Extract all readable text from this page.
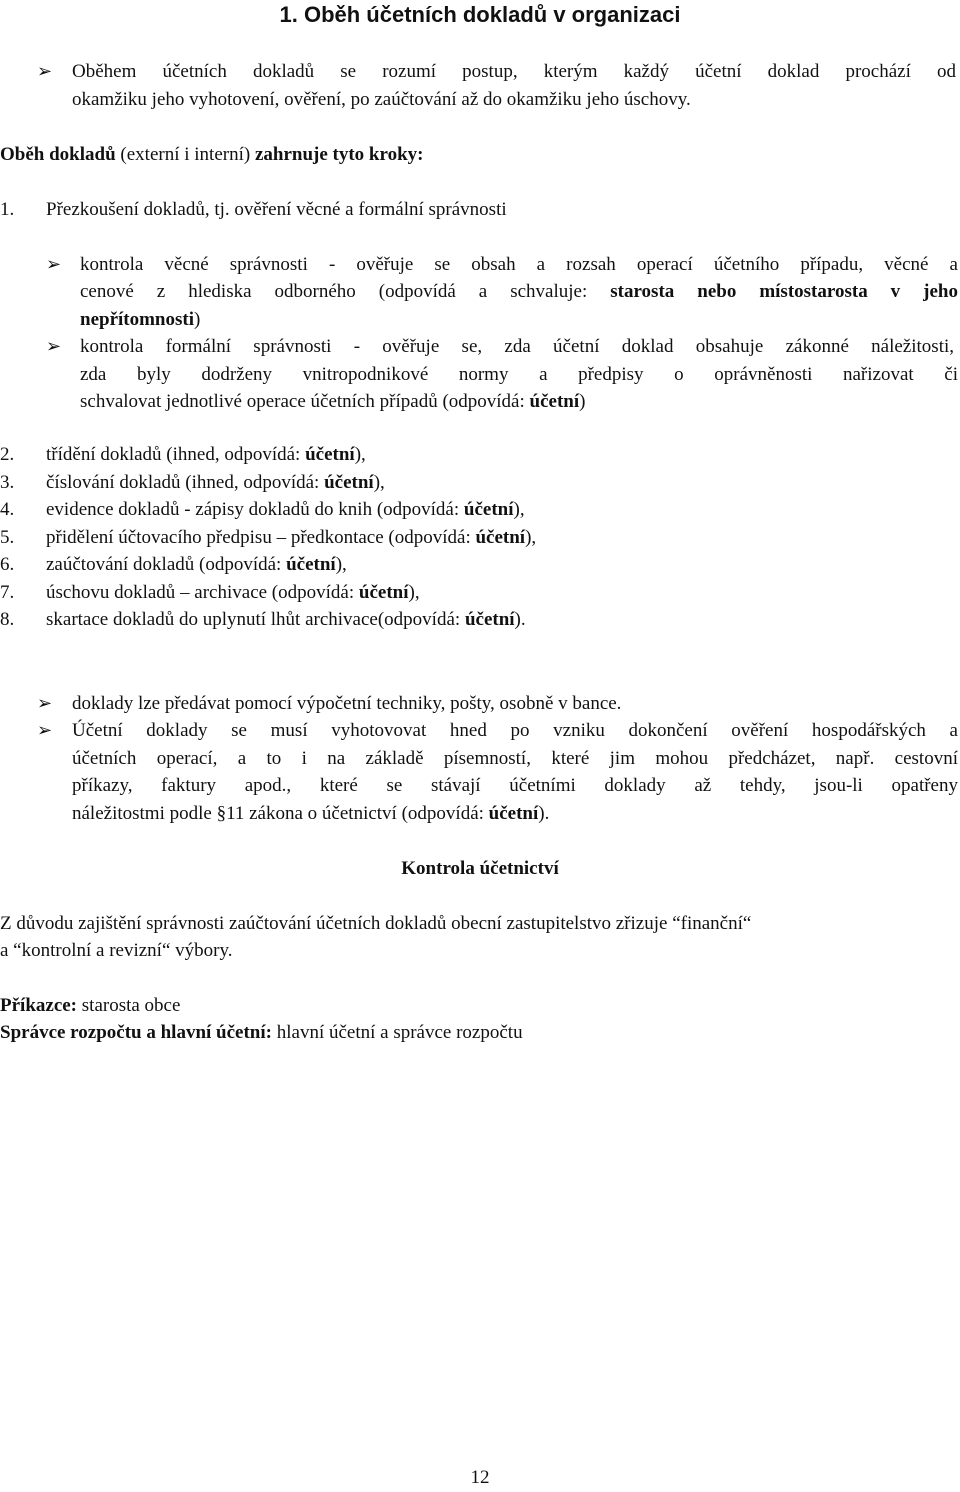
1. Oběh účetních dokladů v organizaci
➢ Oběhem účetních dokladů se rozumí postup, kterým každý účetní doklad prochází od
okamžiku jeho vyhotovení, ověření, po zaúčtování až do okamžiku jeho úschovy.
Oběh dokladů (externí i interní) zahrnuje tyto kroky:
1. Přezkoušení dokladů, tj. ověření věcné a formální správnosti
➢ kontrola věcné správnosti - ověřuje se obsah a rozsah operací účetního případu, věcné a
cenové z hlediska odborného (odpovídá a schvaluje: starosta nebo místostarosta v jeho
nepřítomnosti)
➢ kontrola formální správnosti - ověřuje se, zda účetní doklad obsahuje zákonné náležitosti,
zda byly dodrženy vnitropodnikové normy a předpisy o oprávněnosti nařizovat či
schvalovat jednotlivé operace účetních případů (odpovídá: účetní)
2. třídění dokladů (ihned, odpovídá: účetní),
3. číslování dokladů (ihned, odpovídá: účetní),
4. evidence dokladů - zápisy dokladů do knih (odpovídá: účetní),
5. přidělení účtovacího předpisu – předkontace (odpovídá: účetní),
6. zaúčtování dokladů (odpovídá: účetní),
7. úschovu dokladů – archivace (odpovídá: účetní),
8. skartace dokladů do uplynutí lhůt archivace(odpovídá: účetní).
➢ doklady lze předávat pomocí výpočetní techniky, pošty, osobně v bance.
➢ Účetní doklady se musí vyhotovovat hned po vzniku dokončení ověření hospodářských a
účetních operací, a to i na základě písemností, které jim mohou předcházet, např. cestovní
příkazy, faktury apod., které se stávají účetními doklady až tehdy, jsou-li opatřeny
náležitostmi podle §11 zákona o účetnictví (odpovídá: účetní).
Kontrola účetnictví
Z důvodu zajištění správnosti zaúčtování účetních dokladů obecní zastupitelstvo zřizuje “finanční“
a “kontrolní a revizní“ výbory.
Příkazce: starosta obce
Správce rozpočtu a hlavní účetní: hlavní účetní a správce rozpočtu
12
